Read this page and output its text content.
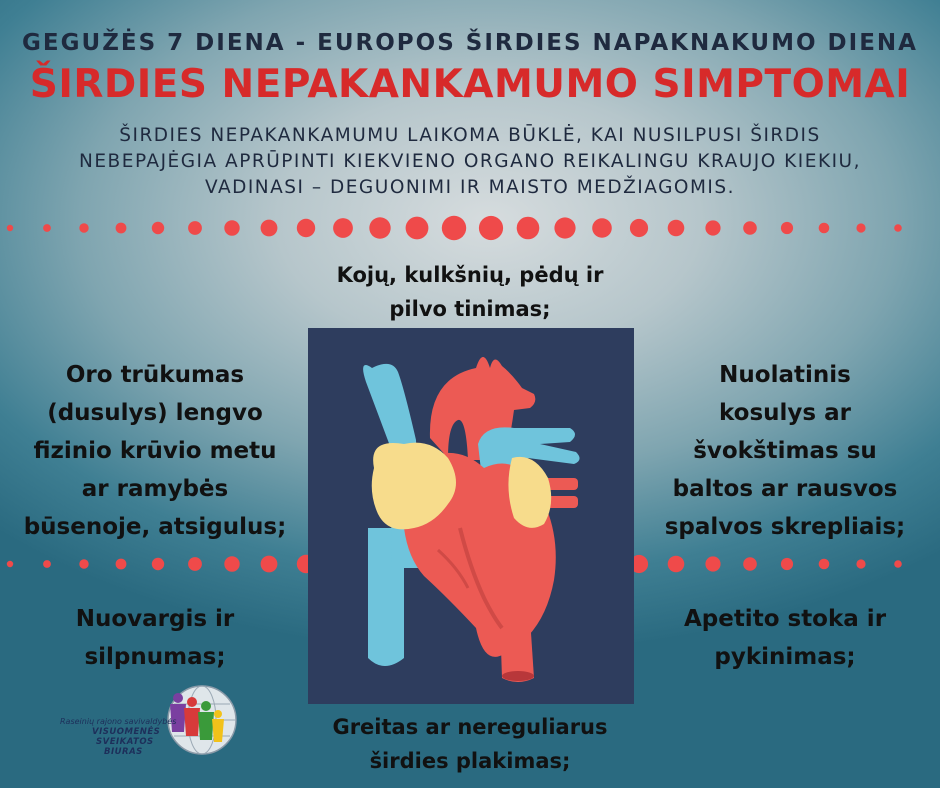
GEGUŽĖS 7 DIENA - EUROPOS ŠIRDIES NAPAKNAKUMO DIENA
ŠIRDIES NEPAKANKAMUMO SIMPTOMAI

ŠIRDIES NEPAKANKAMUMU LAIKOMA BŪKLĖ, KAI NUSILPUSI ŠIRDIS
NEBEPAJĖGIA APRŪPINTI KIEKVIENO ORGANO REIKALINGU KRAUJO KIEKIU,
VADINASI – DEGUONIMI IR MAISTO MEDŽIAGOMIS.

Kojų, kulkšnių, pėdų ir
pilvo tinimas;
Oro trūkumas
(dusulys) lengvo
fizinio krūvio metu
ar ramybės
būsenoje, atsigulus;
Nuolatinis
kosulys ar
švokštimas su
baltos ar rausvos
spalvos skrepliais;
Nuovargis ir
silpnumas;
Apetito stoka ir
pykinimas;
Greitas ar nereguliarus
širdies plakimas;
Raseinių rajono savivaldybės
VISUOMENĖS
SVEIKATOS
BIURAS
